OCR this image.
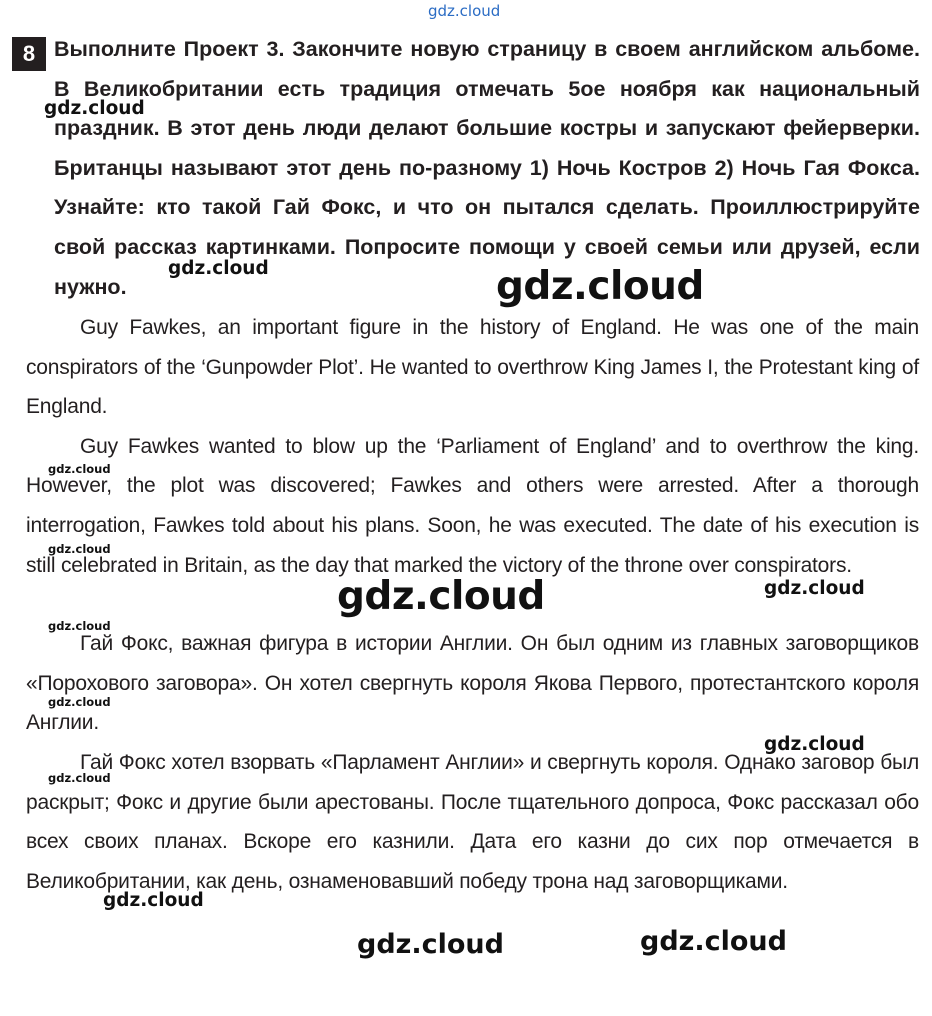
8 Выполните Проект 3. Закончите новую страницу в своем английском альбоме. В Великобритании есть традиция отмечать 5ое ноября как национальный праздник. В этот день люди делают большие костры и запускают фейерверки. Британцы называют этот день по-разному 1) Ночь Костров 2) Ночь Гая Фокса. Узнайте: кто такой Гай Фокс, и что он пытался сделать. Проиллюстрируйте свой рассказ картинками. Попросите помощи у своей семьи или друзей, если нужно.

Guy Fawkes, an important figure in the history of England. He was one of the main conspirators of the ‘Gunpowder Plot’. He wanted to overthrow King James I, the Protestant king of England.

Guy Fawkes wanted to blow up the ‘Parliament of England’ and to overthrow the king. However, the plot was discovered; Fawkes and others were arrested. After a thorough interrogation, Fawkes told about his plans. Soon, he was executed. The date of his execution is still celebrated in Britain, as the day that marked the victory of the throne over conspirators.

Гай Фокс, важная фигура в истории Англии. Он был одним из главных заговорщиков «Порохового заговора». Он хотел свергнуть короля Якова Первого, протестантского короля Англии.

Гай Фокс хотел взорвать «Парламент Англии» и свергнуть короля. Однако заговор был раскрыт; Фокс и другие были арестованы. После тщательного допроса, Фокс рассказал обо всех своих планах. Вскоре его казнили. Дата его казни до сих пор отмечается в Великобритании, как день, ознаменовавший победу трона над заговорщиками.

gdz.cloud
gdz.cloud
gdz.cloud	gdz.cloud
gdz.cloud
gdz.cloud
gdz.cloud	gdz.cloud
gdz.cloud
gdz.cloud
gdz.cloud
gdz.cloud
gdz.cloud
gdz.cloud	gdz.cloud
